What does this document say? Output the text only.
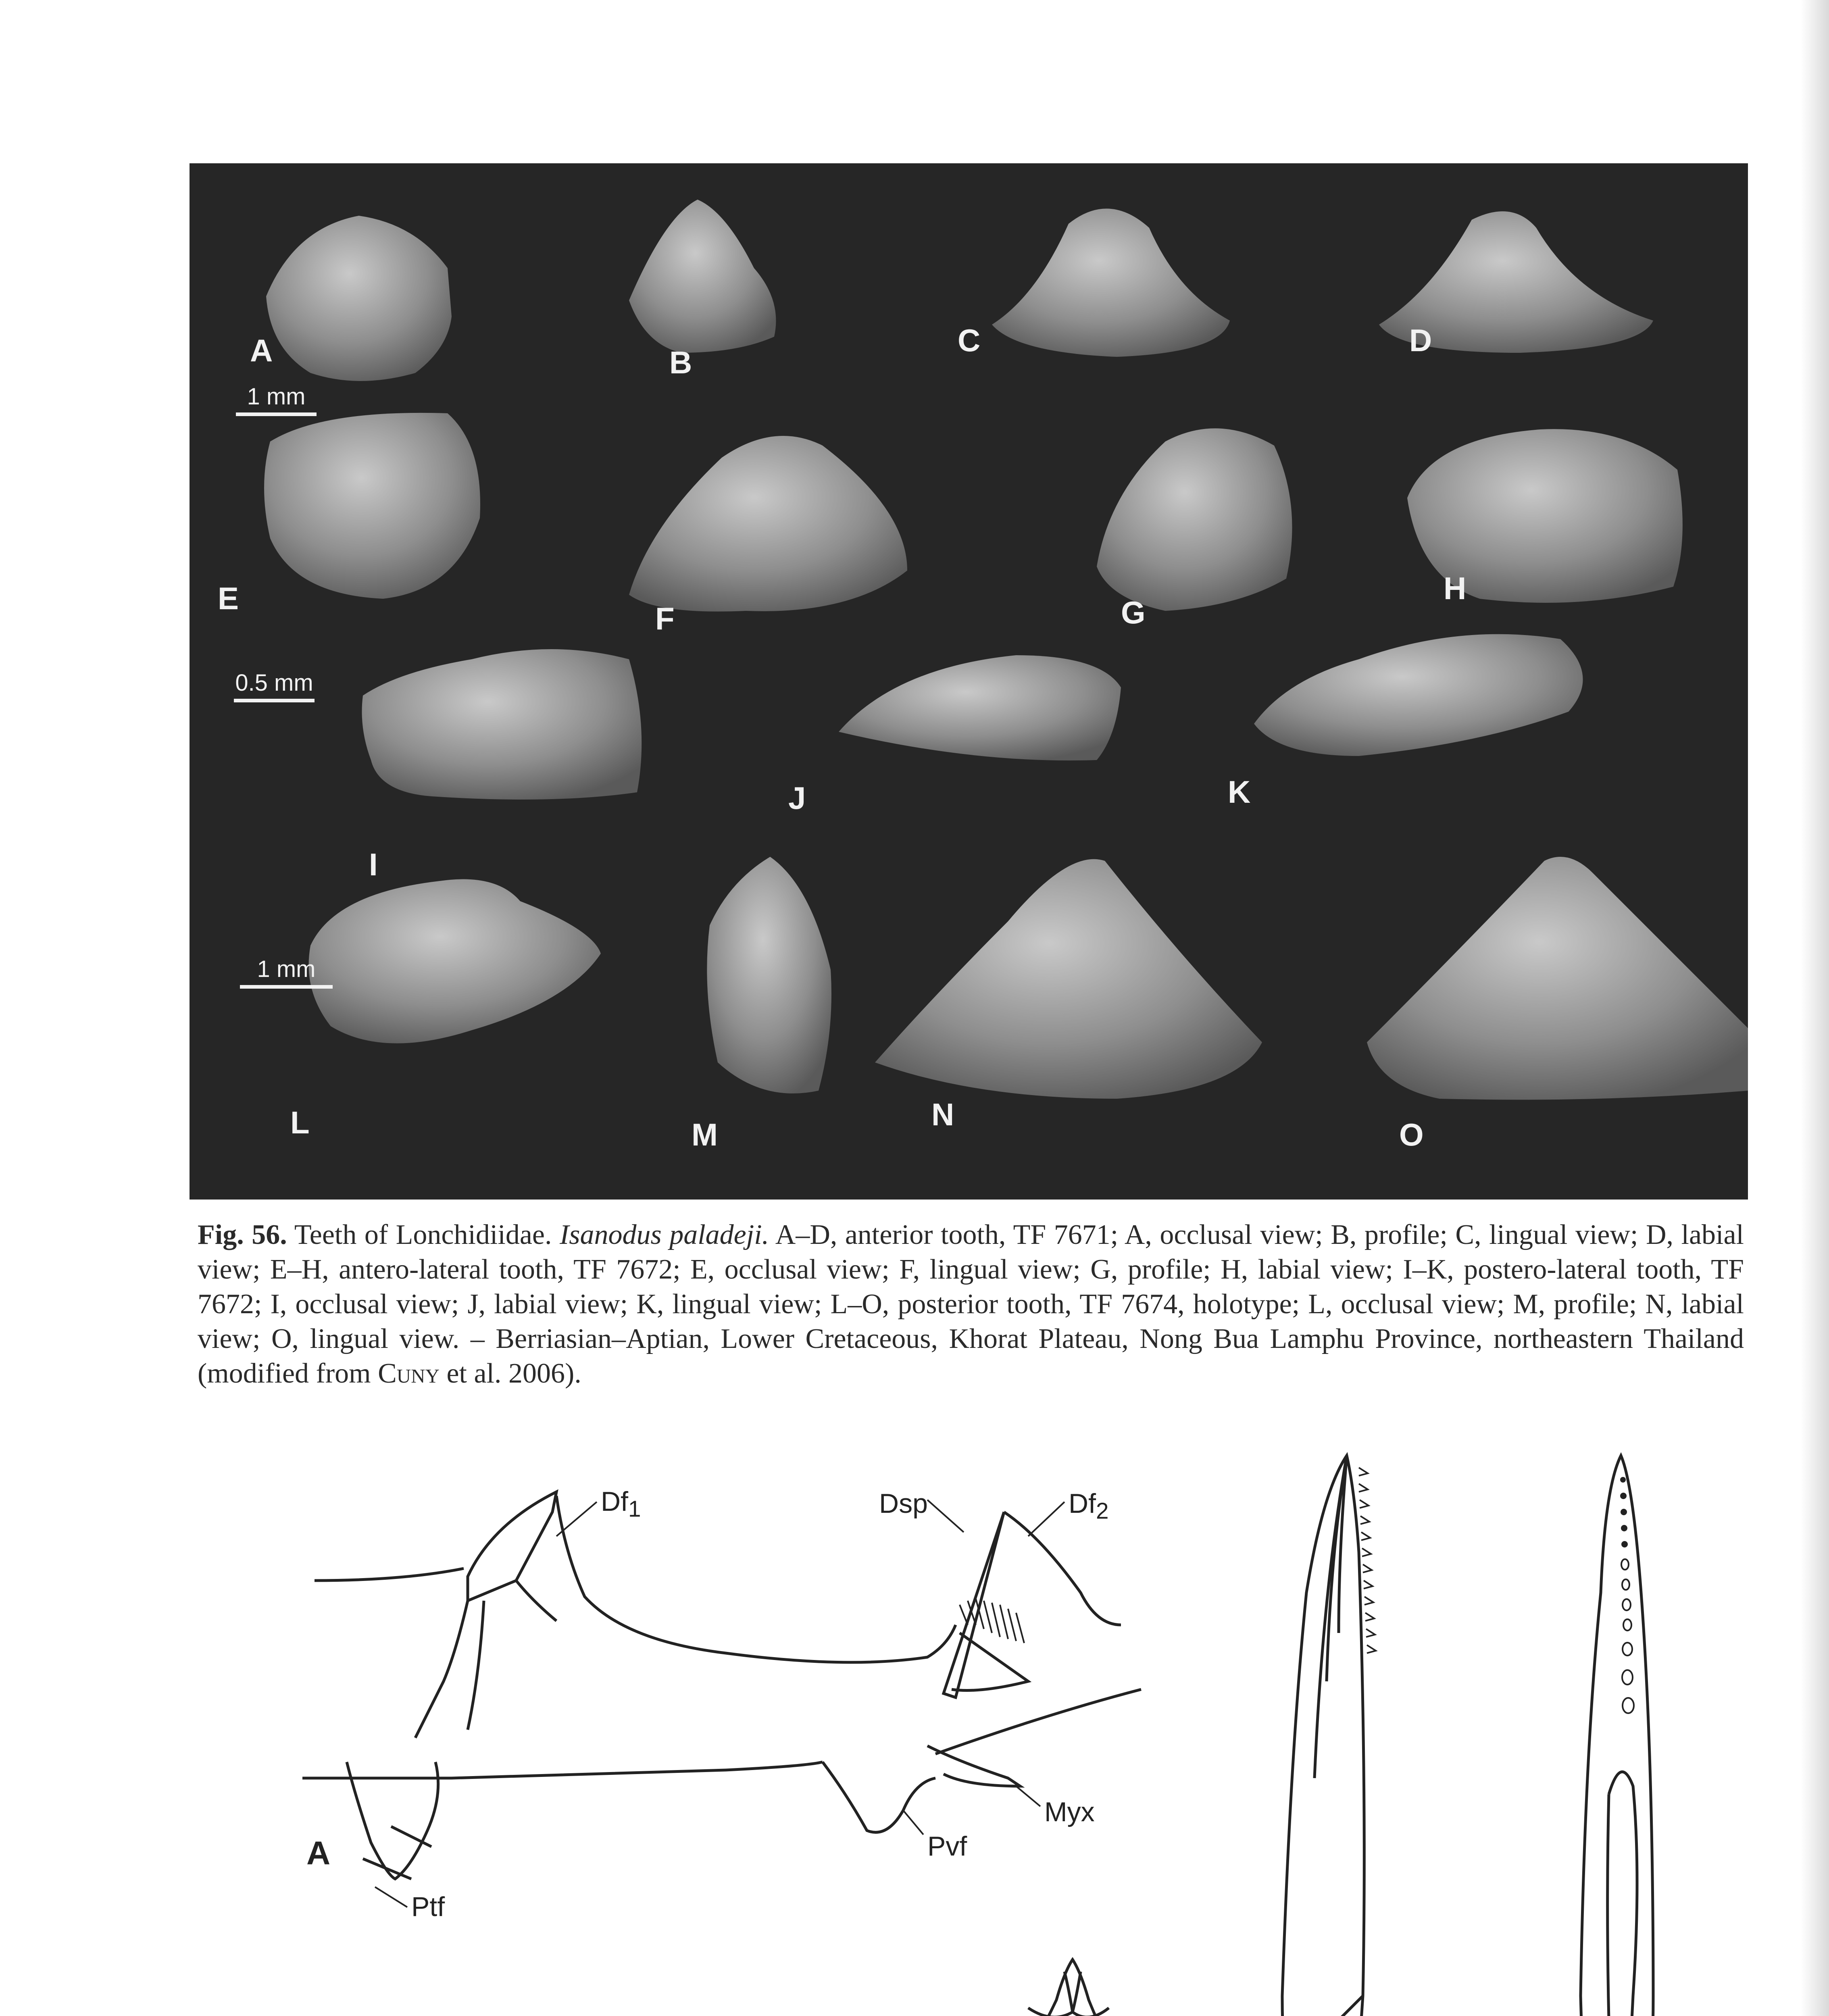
A	B
C	D
E
F	G
H
I
J	K
L	M
N
O
1 mm
0.5 mm
1 mm
Fig. 56. Teeth of Lonchidiidae. Isanodus paladeji. A–D, anterior tooth, TF 7671; A, occlusal view; B, profile; C, lingual view; D, labial view; E–H, antero-lateral tooth, TF 7672; E, occlusal view; F, lingual view; G, profile; H, labial view; I–K, postero-lateral tooth, TF 7672; I, occlusal view; J, labial view; K, lingual view; L–O, posterior tooth, TF 7674, holotype; L, occlusal view; M, profile; N, labial view; O, lingual view. – Berriasian–Aptian, Lower Cretaceous, Khorat Plateau, Nong Bua Lamphu Province, northeastern Thailand (modified from Cuny et al. 2006).
$Df_1$	Dsp	$Df_2$
Myx
Pvf
Ptf
A
